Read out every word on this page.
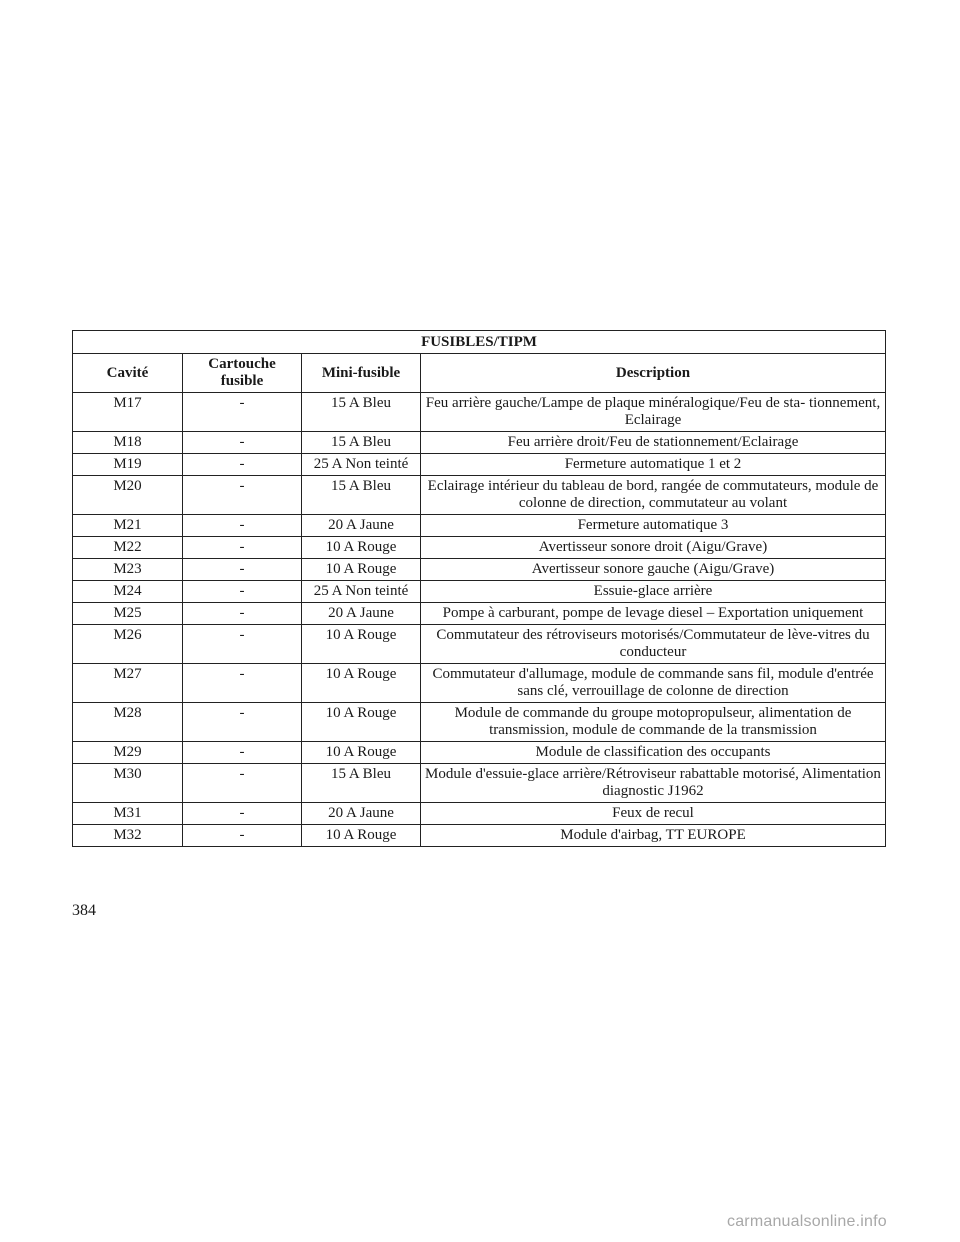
FUSIBLES/TIPM			
Cavité	Cartouche fusible	Mini-fusible	Description
M17	-	15 A Bleu	Feu arrière gauche/Lampe de plaque minéralogique/Feu de sta- tionnement, Eclairage
M18	-	15 A Bleu	Feu arrière droit/Feu de stationnement/Eclairage
M19	-	25 A Non teinté	Fermeture automatique 1 et 2
M20	-	15 A Bleu	Eclairage intérieur du tableau de bord, rangée de commutateurs, module de colonne de direction, commutateur au volant
M21	-	20 A Jaune	Fermeture automatique 3
M22	-	10 A Rouge	Avertisseur sonore droit (Aigu/Grave)
M23	-	10 A Rouge	Avertisseur sonore gauche (Aigu/Grave)
M24	-	25 A Non teinté	Essuie-glace arrière
M25	-	20 A Jaune	Pompe à carburant, pompe de levage diesel – Exportation uniquement
M26	-	10 A Rouge	Commutateur des rétroviseurs motorisés/Commutateur de lève-vitres du conducteur
M27	-	10 A Rouge	Commutateur d'allumage, module de commande sans fil, module d'entrée sans clé, verrouillage de colonne de direction
M28	-	10 A Rouge	Module de commande du groupe motopropulseur, alimentation de transmission, module de commande de la transmission
M29	-	10 A Rouge	Module de classification des occupants
M30	-	15 A Bleu	Module d'essuie-glace arrière/Rétroviseur rabattable motorisé, Alimentation diagnostic J1962
M31	-	20 A Jaune	Feux de recul
M32	-	10 A Rouge	Module d'airbag, TT EUROPE
384
carmanualsonline.info
